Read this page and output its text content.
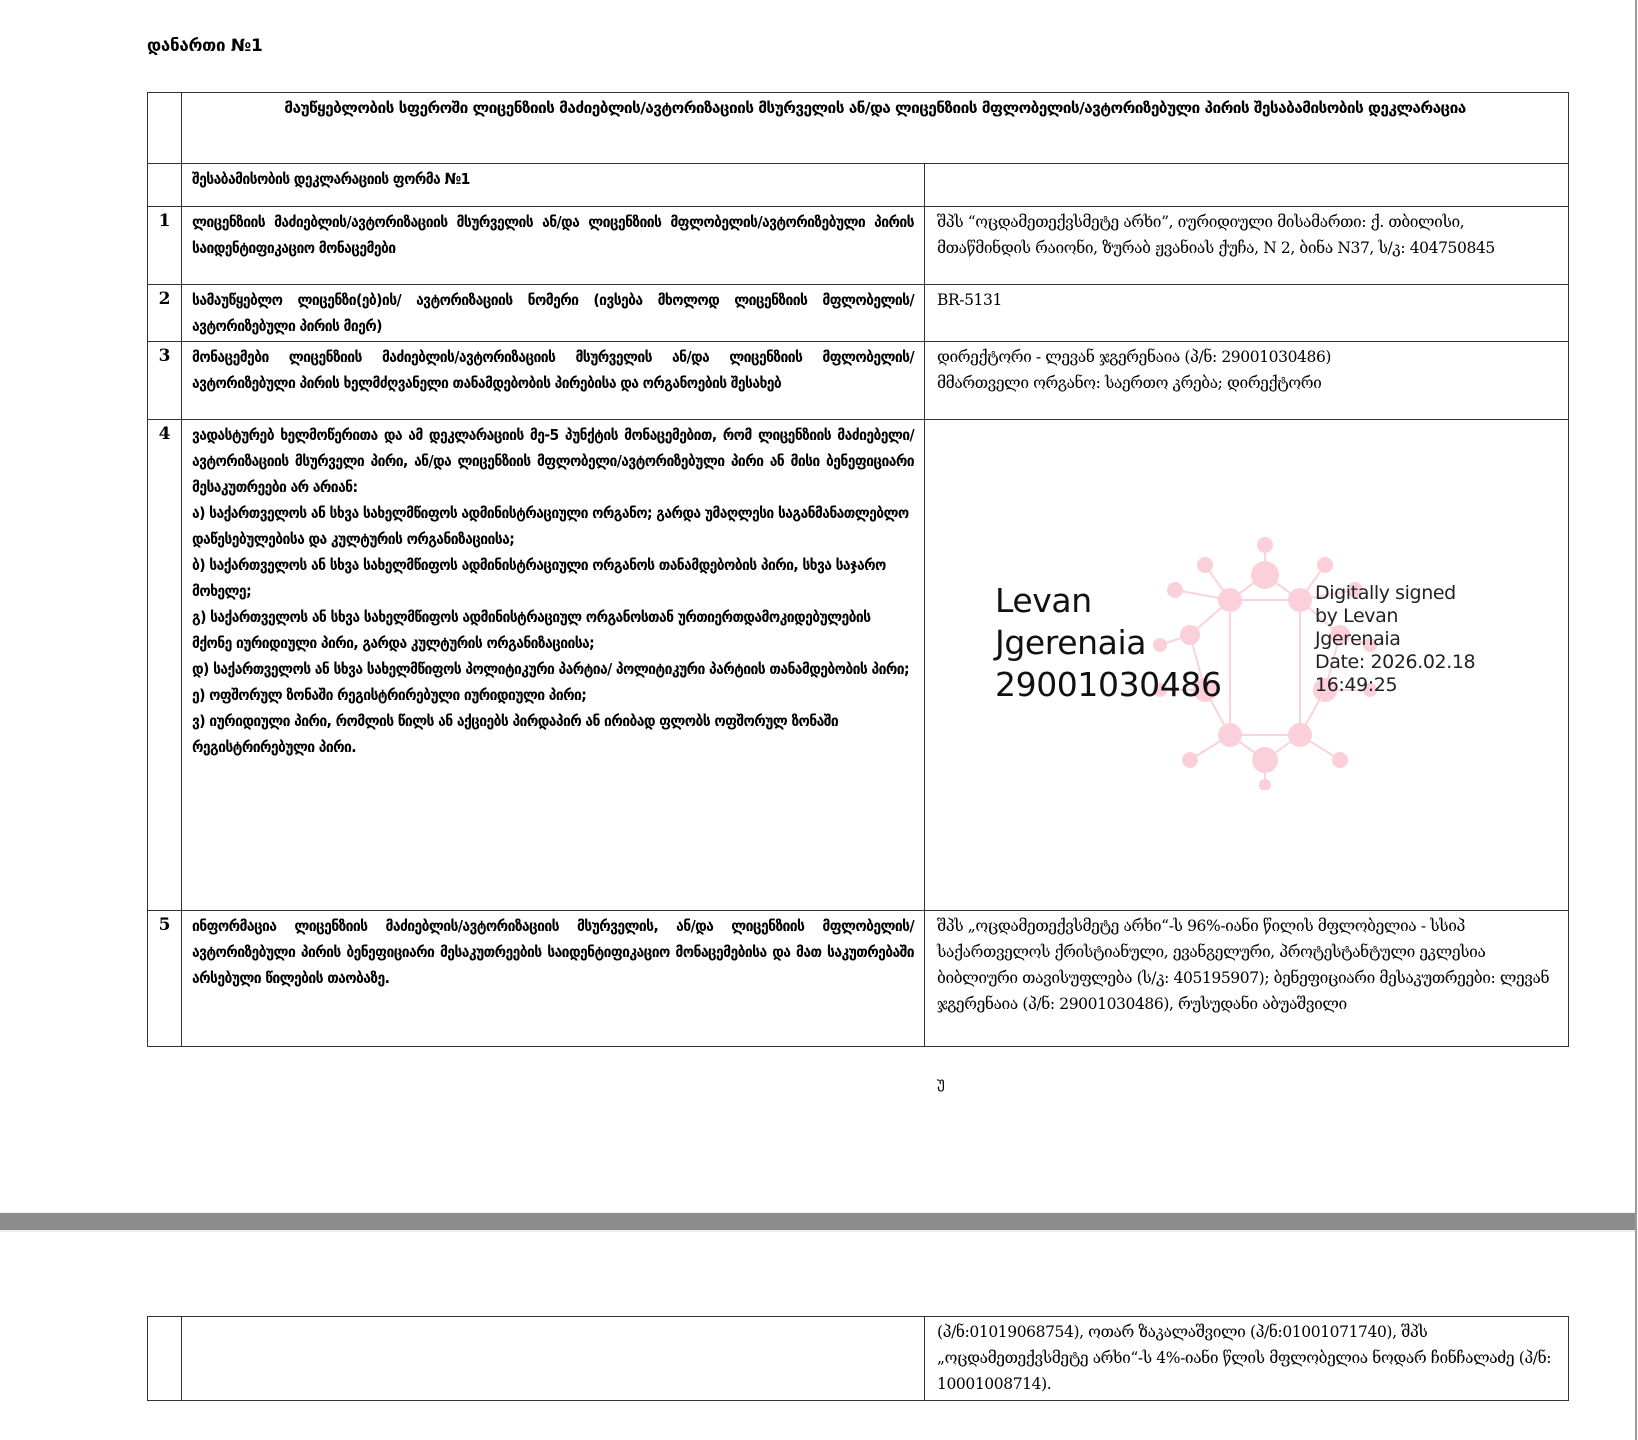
დანართი №1
	მაუწყებლობის სფეროში ლიცენზიის მაძიებლის/ავტორიზაციის მსურველის ან/და ლიცენზიის მფლობელის/ავტორიზებული პირის შესაბამისობის დეკლარაცია	
	შესაბამისობის დეკლარაციის ფორმა №1	
1	ლიცენზიის მაძიებლის/ავტორიზაციის მსურველის ან/და ლიცენზიის მფლობელის/ავტორიზებული პირის საიდენტიფიკაციო მონაცემები	შპს “ოცდამეთექვსმეტე არხი”, იურიდიული მისამართი: ქ. თბილისი, მთაწმინდის რაიონი, ზურაბ ჟვანიას ქუჩა, N 2, ბინა N37, ს/კ: 404750845
2	სამაუწყებლო ლიცენზი(ებ)ის/ ავტორიზაციის ნომერი (ივსება მხოლოდ ლიცენზიის მფლობელის/ავტორიზებული პირის მიერ)	BR-5131
3	მონაცემები ლიცენზიის მაძიებლის/ავტორიზაციის მსურველის ან/და ლიცენზიის მფლობელის/ავტორიზებული პირის ხელმძღვანელი თანამდებობის პირებისა და ორგანოების შესახებ	დირექტორი - ლევან ჯგერენაია (პ/ნ: 29001030486)
მმართველი ორგანო: საერთო კრება; დირექტორი

4	ვადასტურებ ხელმოწერითა და ამ დეკლარაციის მე-5 პუნქტის მონაცემებით, რომ ლიცენზიის მაძიებელი/ავტორიზაციის მსურველი პირი, ან/და ლიცენზიის მფლობელი/ავტორიზებული პირი ან მისი ბენეფიციარი მესაკუთრეები არ არიან:
ა) საქართველოს ან სხვა სახელმწიფოს ადმინისტრაციული ორგანო; გარდა უმაღლესი საგანმანათლებლო დაწესებულებისა და კულტურის ორგანიზაციისა;
ბ) საქართველოს ან სხვა სახელმწიფოს ადმინისტრაციული ორგანოს თანამდებობის პირი, სხვა საჯარო მოხელე;
გ) საქართველოს ან სხვა სახელმწიფოს ადმინისტრაციულ ორგანოსთან ურთიერთდამოკიდებულების მქონე იურიდიული პირი, გარდა კულტურის ორგანიზაციისა;
დ) საქართველოს ან სხვა სახელმწიფოს პოლიტიკური პარტია/ პოლიტიკური პარტიის თანამდებობის პირი;
ე) ოფშორულ ზონაში რეგისტრირებული იურიდიული პირი;
ვ) იურიდიული პირი, რომლის წილს ან აქციებს პირდაპირ ან ირიბად ფლობს ოფშორულ ზონაში რეგისტრირებული პირი.

უ
Levan
Jgerenaia
29001030486
Digitally signed
by Levan
Jgerenaia
Date: 2026.02.18
16:49:25

5	ინფორმაცია ლიცენზიის მაძიებლის/ავტორიზაციის მსურველის, ან/და ლიცენზიის მფლობელის/ავტორიზებული პირის ბენეფიციარი მესაკუთრეების საიდენტიფიკაციო მონაცემებისა და მათ საკუთრებაში არსებული წილების თაობაზე.	შპს „ოცდამეთექვსმეტე არხი“-ს 96%-იანი წილის მფლობელია - სსიპ საქართველოს ქრისტიანული, ევანგელური, პროტესტანტული ეკლესია ბიბლიური თავისუფლება (ს/კ: 405195907); ბენეფიციარი მესაკუთრეები: ლევან ჯგერენაია (პ/ნ: 29001030486), რუსუდანი აბუაშვილი
		(პ/ნ:01019068754), ოთარ ზაკალაშვილი (პ/ნ:01001071740), შპს „ოცდამეთექვსმეტე არხი“-ს 4%-იანი წლის მფლობელია ნოდარ ჩინჩალაძე (პ/ნ: 10001008714).
